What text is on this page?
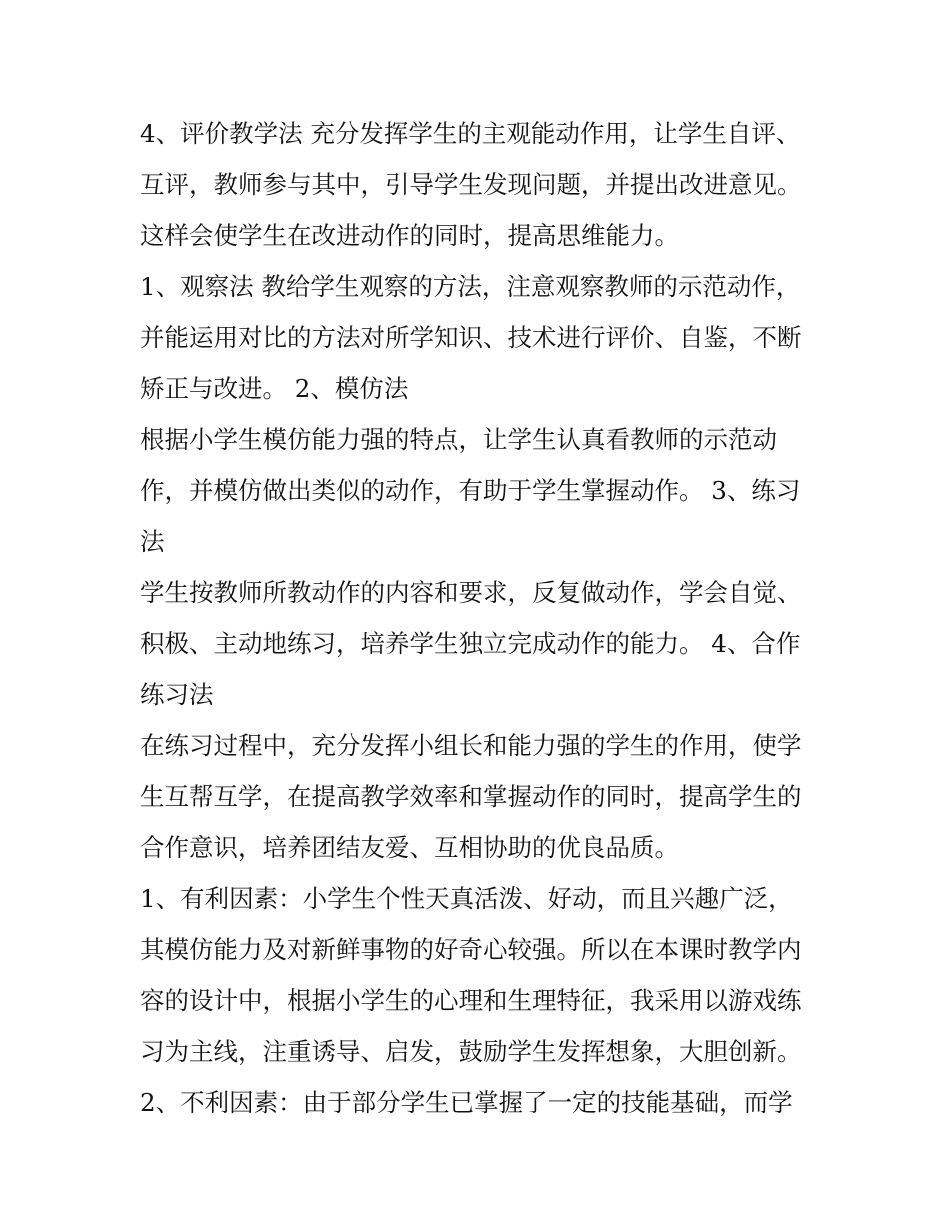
4、评价教学法 充分发挥学生的主观能动作用，让学生自评、
互评，教师参与其中，引导学生发现问题，并提出改进意见。
这样会使学生在改进动作的同时，提高思维能力。
1、观察法 教给学生观察的方法，注意观察教师的示范动作，
并能运用对比的方法对所学知识、技术进行评价、自鉴，不断
矫正与改进。 2、模仿法
根据小学生模仿能力强的特点，让学生认真看教师的示范动
作，并模仿做出类似的动作，有助于学生掌握动作。 3、练习
法
学生按教师所教动作的内容和要求，反复做动作，学会自觉、
积极、主动地练习，培养学生独立完成动作的能力。 4、合作
练习法
在练习过程中，充分发挥小组长和能力强的学生的作用，使学
生互帮互学，在提高教学效率和掌握动作的同时，提高学生的
合作意识，培养团结友爱、互相协助的优良品质。
1、有利因素：小学生个性天真活泼、好动，而且兴趣广泛，
其模仿能力及对新鲜事物的好奇心较强。所以在本课时教学内
容的设计中，根据小学生的心理和生理特征，我采用以游戏练
习为主线，注重诱导、启发，鼓励学生发挥想象，大胆创新。
2、不利因素：由于部分学生已掌握了一定的技能基础，而学
